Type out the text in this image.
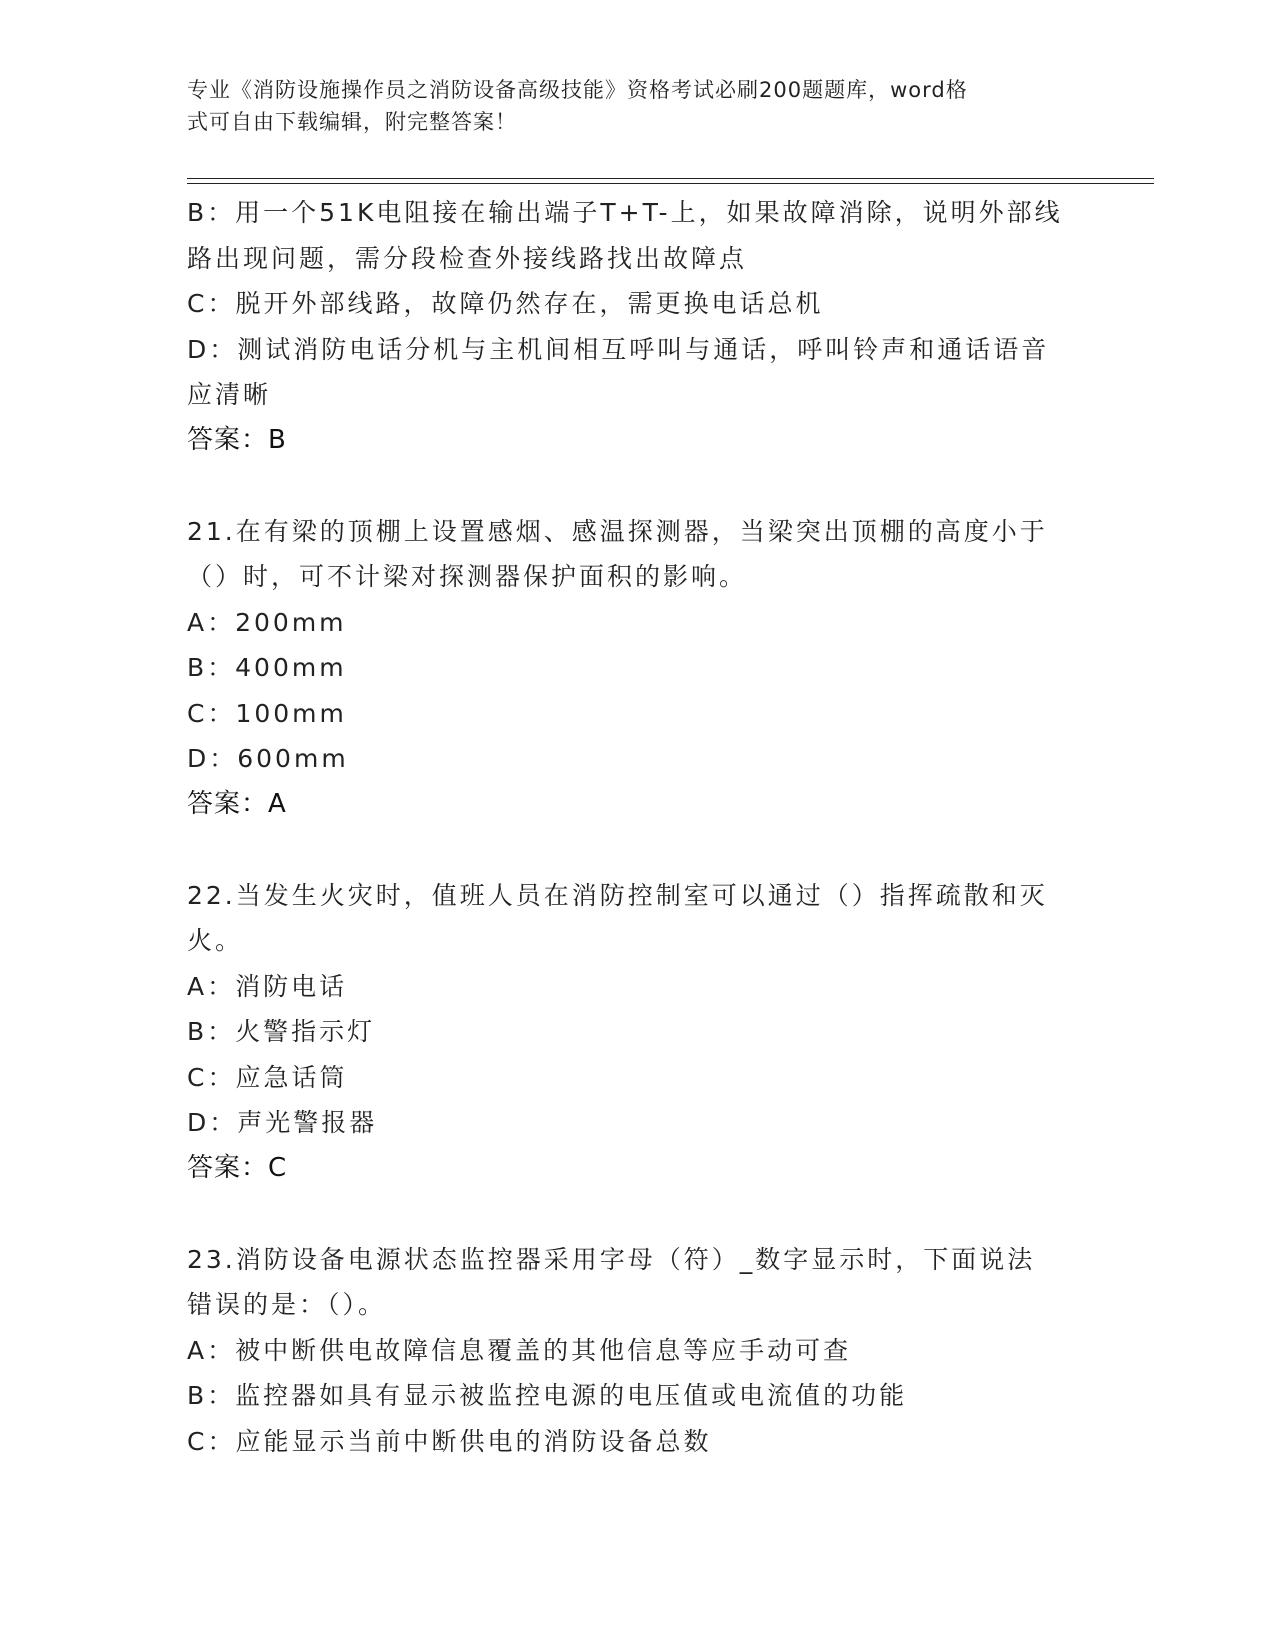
专业《消防设施操作员之消防设备高级技能》资格考试必刷200题题库，word格
式可自由下载编辑，附完整答案！

B：用一个51K电阻接在输出端子T+T-上，如果故障消除，说明外部线

路出现问题，需分段检查外接线路找出故障点

C：脱开外部线路，故障仍然存在，需更换电话总机

D：测试消防电话分机与主机间相互呼叫与通话，呼叫铃声和通话语音

应清晰

答案：B

21.在有梁的顶棚上设置感烟、感温探测器，当梁突出顶棚的高度小于

（）时，可不计梁对探测器保护面积的影响。

A：200mm

B：400mm

C：100mm

D：600mm

答案：A

22.当发生火灾时，值班人员在消防控制室可以通过（）指挥疏散和灭

火。

A：消防电话

B：火警指示灯

C：应急话筒

D：声光警报器

答案：C

23.消防设备电源状态监控器采用字母（符）_数字显示时，下面说法

错误的是：（）。

A：被中断供电故障信息覆盖的其他信息等应手动可查

B：监控器如具有显示被监控电源的电压值或电流值的功能

C：应能显示当前中断供电的消防设备总数
